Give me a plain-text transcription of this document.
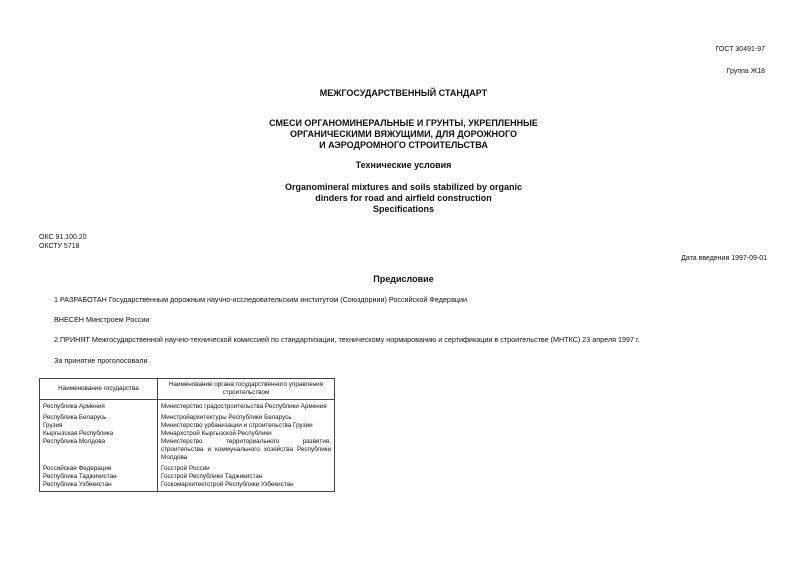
ГОСТ 30491-97
Группа Ж18
МЕЖГОСУДАРСТВЕННЫЙ СТАНДАРТ
СМЕСИ ОРГАНОМИНЕРАЛЬНЫЕ И ГРУНТЫ, УКРЕПЛЕННЫЕ
ОРГАНИЧЕСКИМИ ВЯЖУЩИМИ, ДЛЯ ДОРОЖНОГО
И АЭРОДРОМНОГО СТРОИТЕЛЬСТВА
Технические условия
Organomineral mixtures and soils stabilized by organic
dinders for road and airfield construction
Specifications
ОКС 91.100.20
ОКСТУ 5718
Дата введения 1997-09-01
Предисловие
1 РАЗРАБОТАН Государственным дорожным научно-исследовательским институтом (Союздорнии) Российской Федерации
ВНЕСЕН Минстроем России
2 ПРИНЯТ Межгосударственной научно-технической комиссией по стандартизации, техническому нормированию и сертификации в строительстве (МНТКС) 23 апреля 1997 г.
За принятие проголосовали
Наименование государства	Наименование органа государственного управления строительством
Республика Армения	Министерство градостроительства Республики Армения
Республика Беларусь	Минстройархитектуры Республики Беларусь
Грузия	Министерство урбанизации и строительства Грузии
Кыргызская Республика	Минархстрой Кыргызской Республики
Республика Молдова	Министерство территориального развития, строительства и коммунального хозяйства Республики Молдова
Российская Федерация	Госстрой России
Республика Таджикистан	Госстрой Республики Таджикистан
Республика Узбекистан	Госкомархитектстрой Республики Узбекистан
